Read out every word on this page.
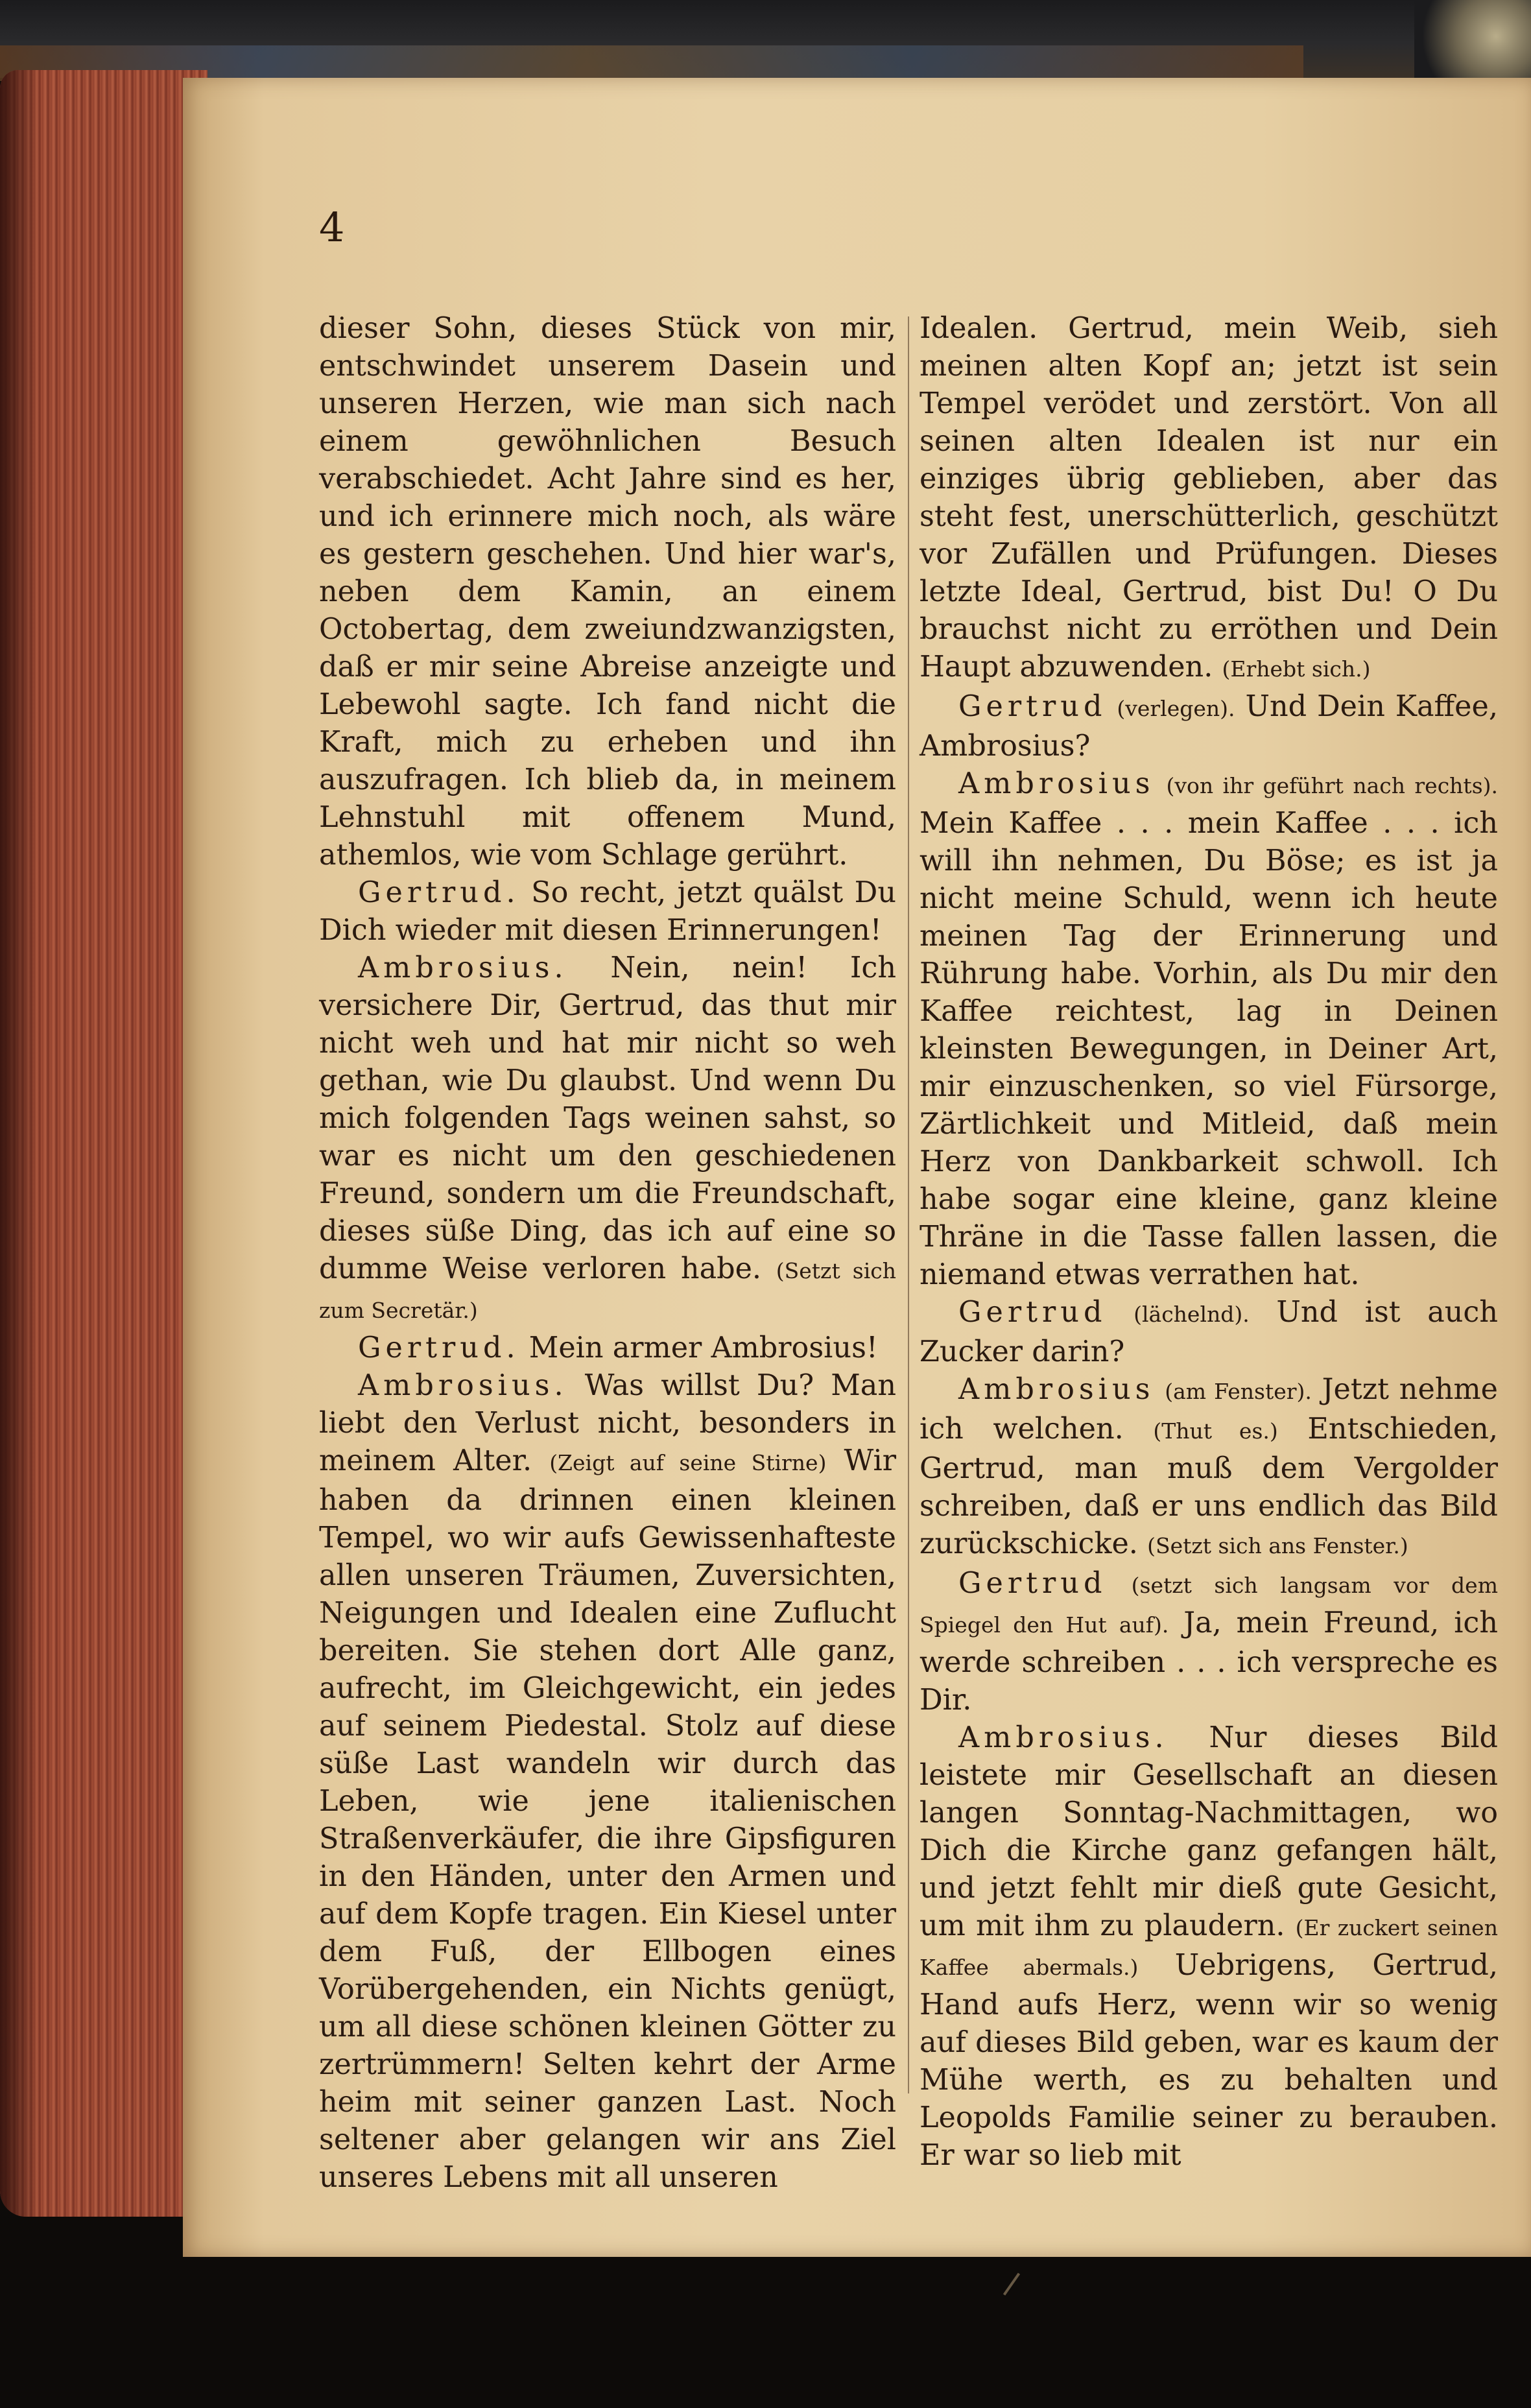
4

dieser Sohn, dieses Stück von mir, entschwindet unserem Dasein und unseren Herzen, wie man sich nach einem gewöhnlichen Besuch verabschiedet. Acht Jahre sind es her, und ich erinnere mich noch, als wäre es gestern geschehen. Und hier war's, neben dem Kamin, an einem Octobertag, dem zweiundzwanzigsten, daß er mir seine Abreise anzeigte und Lebewohl sagte. Ich fand nicht die Kraft, mich zu erheben und ihn auszufragen. Ich blieb da, in meinem Lehnstuhl mit offenem Mund, athemlos, wie vom Schlage gerührt.

Gertrud. So recht, jetzt quälst Du Dich wieder mit diesen Erinnerungen!

Ambrosius. Nein, nein! Ich versichere Dir, Gertrud, das thut mir nicht weh und hat mir nicht so weh gethan, wie Du glaubst. Und wenn Du mich folgenden Tags weinen sahst, so war es nicht um den geschiedenen Freund, sondern um die Freundschaft, dieses süße Ding, das ich auf eine so dumme Weise verloren habe. (Setzt sich zum Secretär.)

Gertrud. Mein armer Ambrosius!

Ambrosius. Was willst Du? Man liebt den Verlust nicht, besonders in meinem Alter. (Zeigt auf seine Stirne) Wir haben da drinnen einen kleinen Tempel, wo wir aufs Gewissenhafteste allen unseren Träumen, Zuversichten, Neigungen und Idealen eine Zuflucht bereiten. Sie stehen dort Alle ganz, aufrecht, im Gleichgewicht, ein jedes auf seinem Piedestal. Stolz auf diese süße Last wandeln wir durch das Leben, wie jene italienischen Straßenverkäufer, die ihre Gipsfiguren in den Händen, unter den Armen und auf dem Kopfe tragen. Ein Kiesel unter dem Fuß, der Ellbogen eines Vorübergehenden, ein Nichts genügt, um all diese schönen kleinen Götter zu zertrümmern! Selten kehrt der Arme heim mit seiner ganzen Last. Noch seltener aber gelangen wir ans Ziel unseres Lebens mit all unseren

Idealen. Gertrud, mein Weib, sieh meinen alten Kopf an; jetzt ist sein Tempel verödet und zerstört. Von all seinen alten Idealen ist nur ein einziges übrig geblieben, aber das steht fest, unerschütterlich, geschützt vor Zufällen und Prüfungen. Dieses letzte Ideal, Gertrud, bist Du! O Du brauchst nicht zu erröthen und Dein Haupt abzuwenden. (Erhebt sich.)

Gertrud (verlegen). Und Dein Kaffee, Ambrosius?

Ambrosius (von ihr geführt nach rechts). Mein Kaffee . . . mein Kaffee . . . ich will ihn nehmen, Du Böse; es ist ja nicht meine Schuld, wenn ich heute meinen Tag der Erinnerung und Rührung habe. Vorhin, als Du mir den Kaffee reichtest, lag in Deinen kleinsten Bewegungen, in Deiner Art, mir einzuschenken, so viel Fürsorge, Zärtlichkeit und Mitleid, daß mein Herz von Dankbarkeit schwoll. Ich habe sogar eine kleine, ganz kleine Thräne in die Tasse fallen lassen, die niemand etwas verrathen hat.

Gertrud (lächelnd). Und ist auch Zucker darin?

Ambrosius (am Fenster). Jetzt nehme ich welchen. (Thut es.) Entschieden, Gertrud, man muß dem Vergolder schreiben, daß er uns endlich das Bild zurückschicke. (Setzt sich ans Fenster.)

Gertrud (setzt sich langsam vor dem Spiegel den Hut auf). Ja, mein Freund, ich werde schreiben . . . ich verspreche es Dir.

Ambrosius. Nur dieses Bild leistete mir Gesellschaft an diesen langen Sonntag-Nachmittagen, wo Dich die Kirche ganz gefangen hält, und jetzt fehlt mir dieß gute Gesicht, um mit ihm zu plaudern. (Er zuckert seinen Kaffee abermals.) Uebrigens, Gertrud, Hand aufs Herz, wenn wir so wenig auf dieses Bild geben, war es kaum der Mühe werth, es zu behalten und Leopolds Familie seiner zu berauben. Er war so lieb mit
